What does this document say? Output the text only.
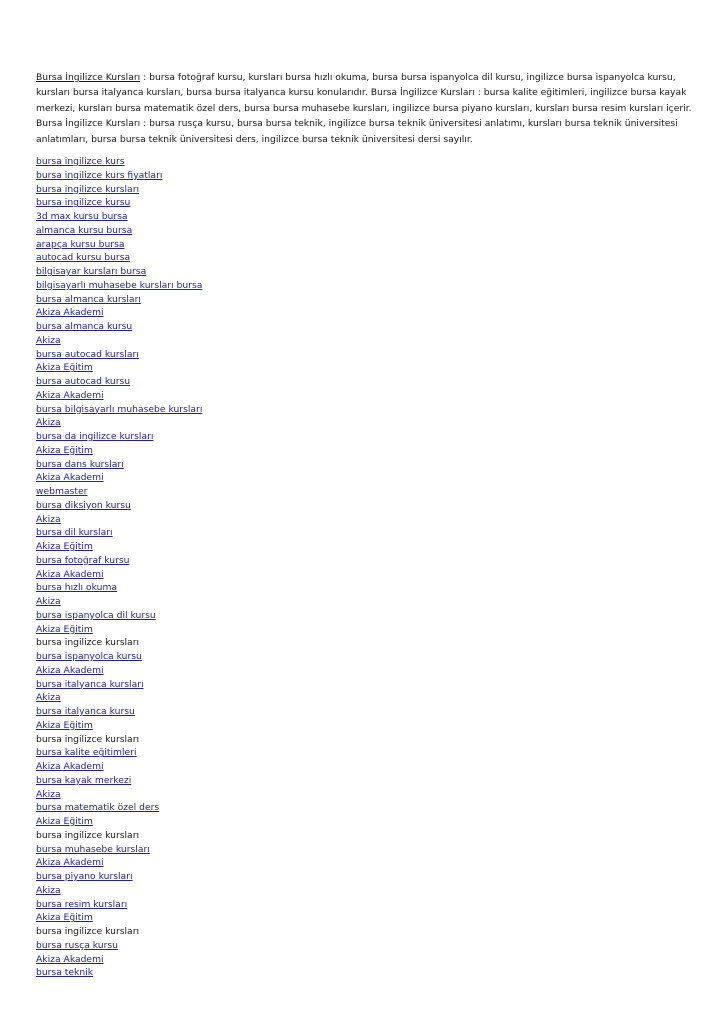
Bursa İngilizce Kursları : bursa fotoğraf kursu, kursları bursa hızlı okuma, bursa bursa ispanyolca dil kursu, ingilizce bursa ispanyolca kursu, kursları bursa italyanca kursları, bursa bursa italyanca kursu konularıdır. Bursa İngilizce Kursları : bursa kalite eğitimleri, ingilizce bursa kayak merkezi, kursları bursa matematik özel ders, bursa bursa muhasebe kursları, ingilizce bursa piyano kursları, kursları bursa resim kursları içerir. Bursa İngilizce Kursları : bursa rusça kursu, bursa bursa teknik, ingilizce bursa teknik üniversitesi anlatımı, kursları bursa teknik üniversitesi anlatımları, bursa bursa teknik üniversitesi ders, ingilizce bursa teknik üniversitesi dersi sayılır.

bursa ingilizce kurs
bursa ingilizce kurs fiyatları
bursa ingilizce kursları
bursa ingilizce kursu
3d max kursu bursa
almanca kursu bursa
arapça kursu bursa
autocad kursu bursa
bilgisayar kursları bursa
bilgisayarlı muhasebe kursları bursa
bursa almanca kursları
Akiza Akademi
bursa almanca kursu
Akiza
bursa autocad kursları
Akiza Eğitim
bursa autocad kursu
Akiza Akademi
bursa bilgisayarlı muhasebe kursları
Akiza
bursa da ingilizce kursları
Akiza Eğitim
bursa dans kursları
Akiza Akademi
webmaster
bursa diksiyon kursu
Akiza
bursa dil kursları
Akiza Eğitim
bursa fotoğraf kursu
Akiza Akademi
bursa hızlı okuma
Akiza
bursa ispanyolca dil kursu
Akiza Eğitim
bursa ingilizce kursları
bursa ispanyolca kursu
Akiza Akademi
bursa italyanca kursları
Akiza
bursa italyanca kursu
Akiza Eğitim
bursa ingilizce kursları
bursa kalite eğitimleri
Akiza Akademi
bursa kayak merkezi
Akiza
bursa matematik özel ders
Akiza Eğitim
bursa ingilizce kursları
bursa muhasebe kursları
Akiza Akademi
bursa piyano kursları
Akiza
bursa resim kursları
Akiza Eğitim
bursa ingilizce kursları
bursa rusça kursu
Akiza Akademi
bursa teknik
